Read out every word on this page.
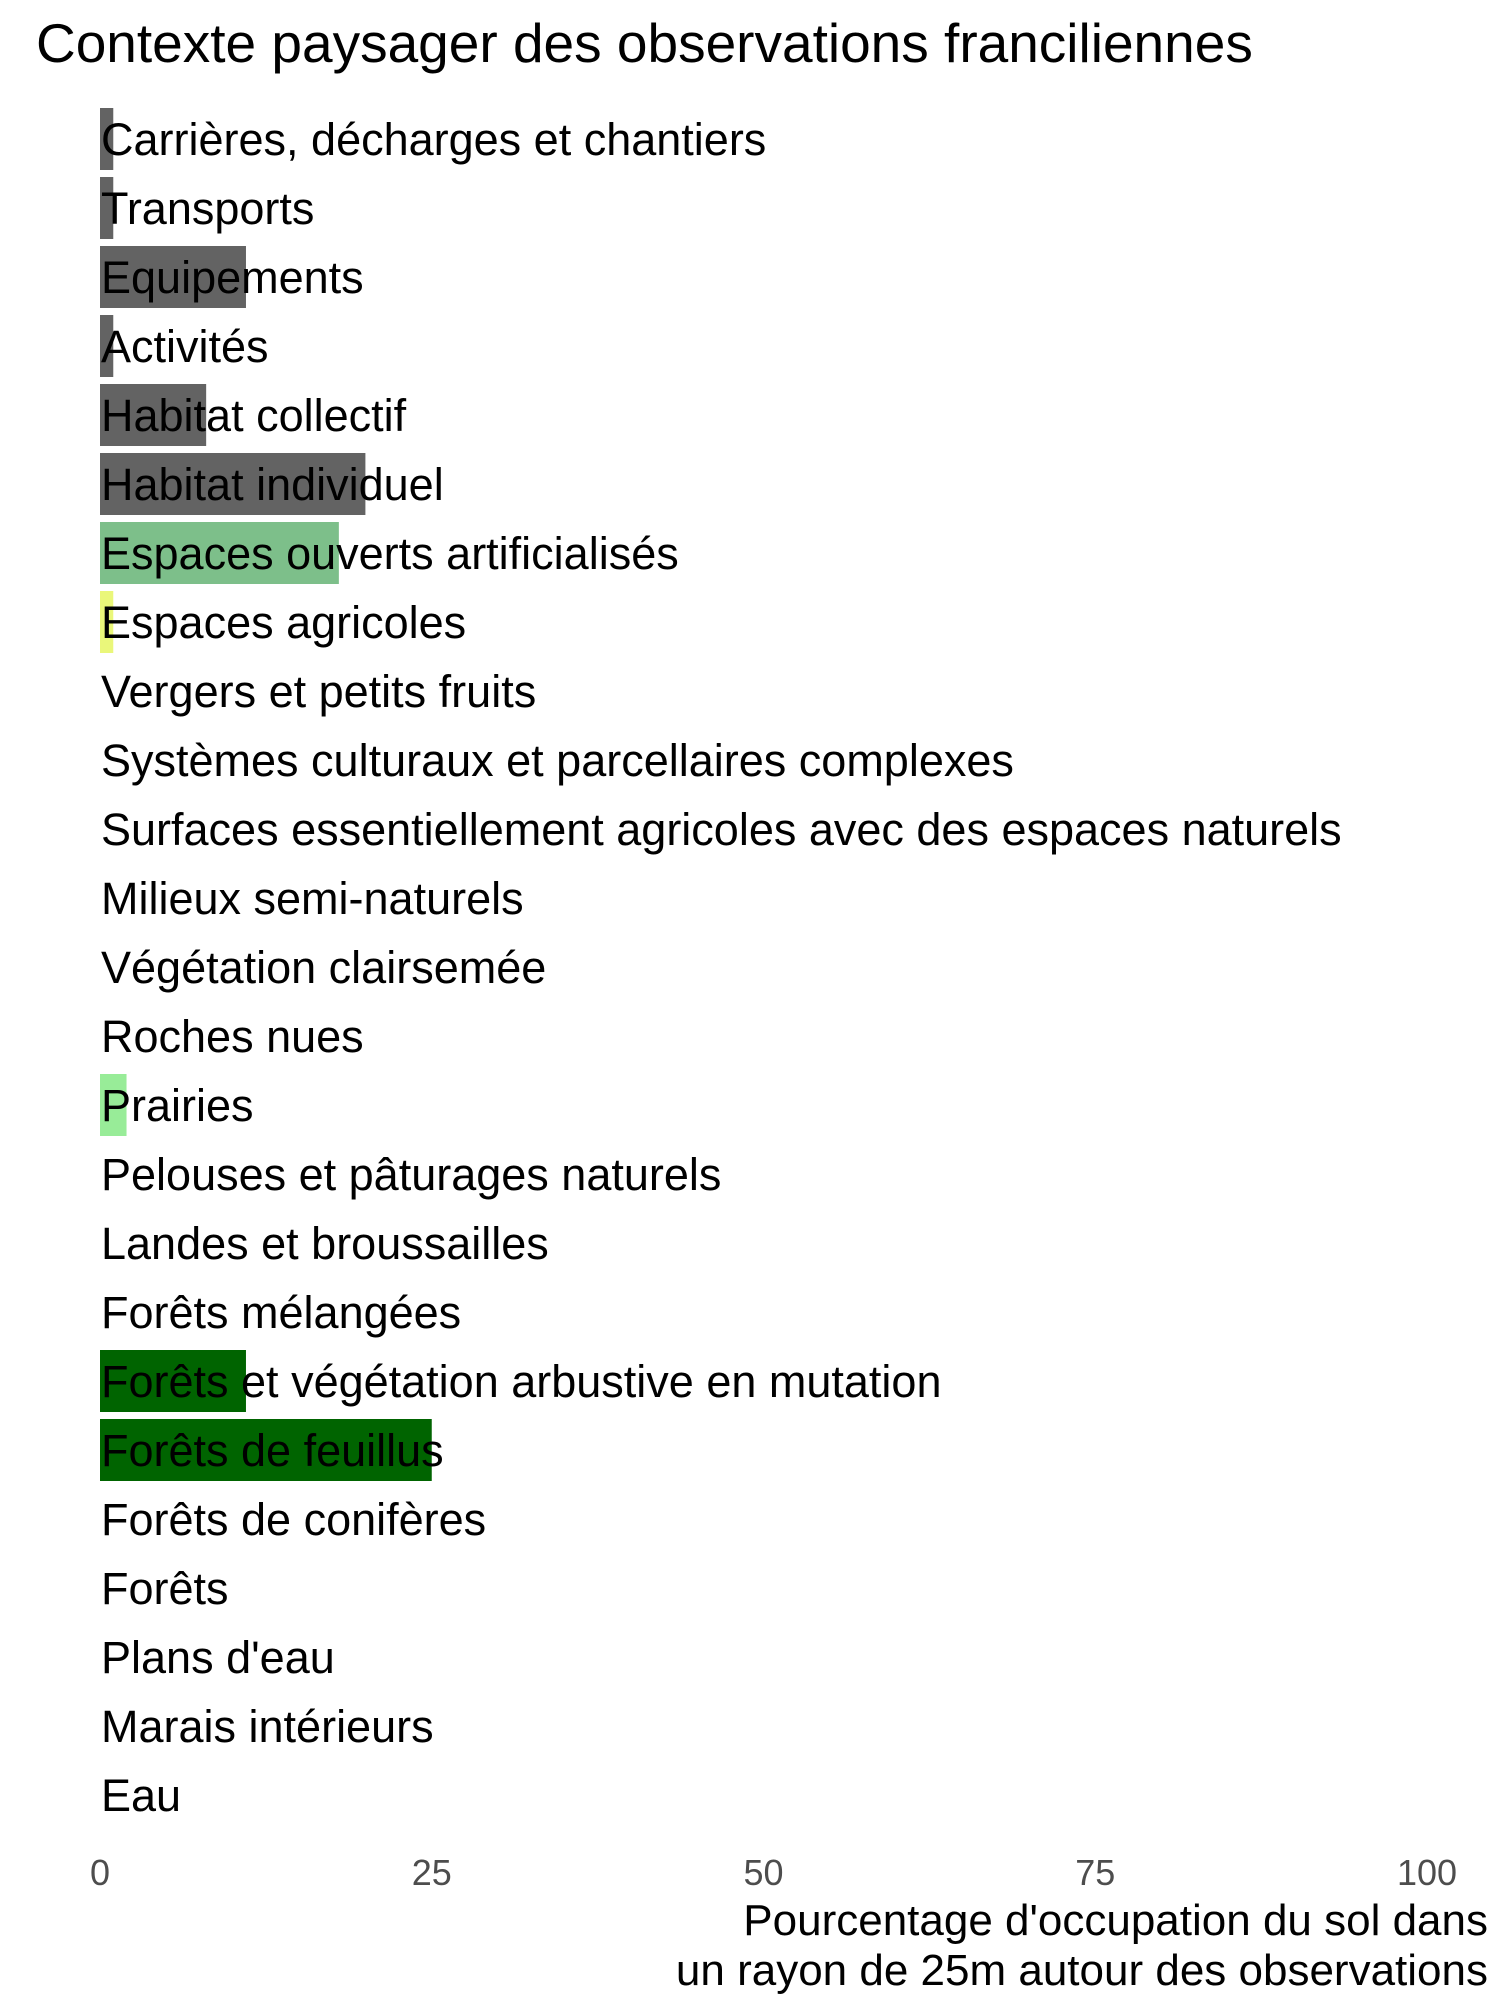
Contexte paysager des observations franciliennes
Carrières, décharges et chantiers
Transports
Equipements
Activités
Habitat collectif
Habitat individuel
Espaces ouverts artificialisés
Espaces agricoles
Vergers et petits fruits
Systèmes culturaux et parcellaires complexes
Surfaces essentiellement agricoles avec des espaces naturels
Milieux semi-naturels
Végétation clairsemée
Roches nues
Prairies
Pelouses et pâturages naturels
Landes et broussailles
Forêts mélangées
Forêts et végétation arbustive en mutation
Forêts de feuillus
Forêts de conifères
Forêts
Plans d'eau
Marais intérieurs
Eau
0	25	50	75	100
Pourcentage d'occupation du sol dans
un rayon de 25m autour des observations
